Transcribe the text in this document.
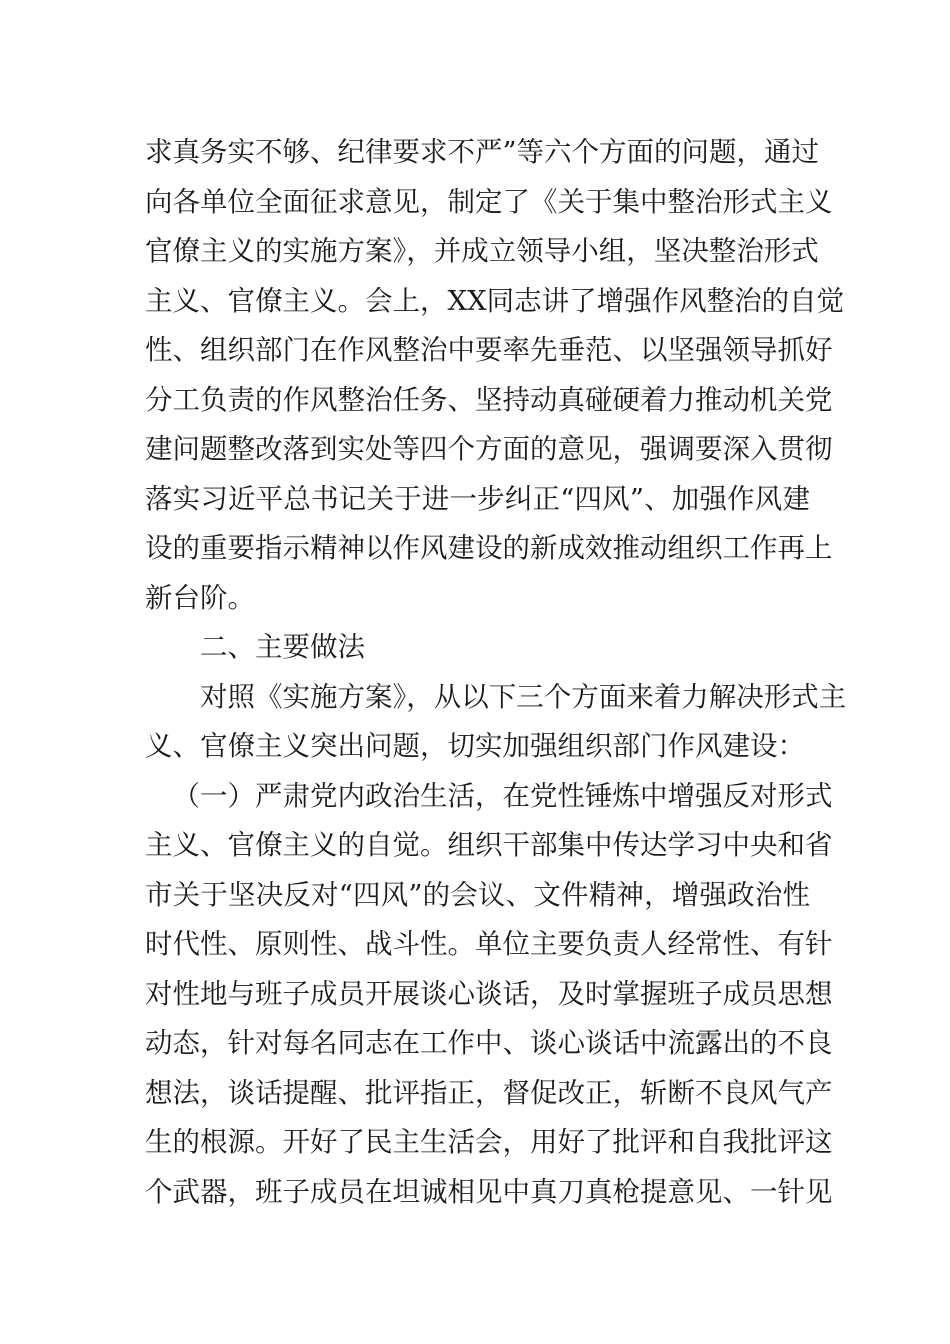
求真务实不够、纪律要求不严”等六个方面的问题，通过
向各单位全面征求意见，制定了《关于集中整治形式主义
官僚主义的实施方案》，并成立领导小组，坚决整治形式
主义、官僚主义。会上，XX同志讲了增强作风整治的自觉
性、组织部门在作风整治中要率先垂范、以坚强领导抓好
分工负责的作风整治任务、坚持动真碰硬着力推动机关党
建问题整改落到实处等四个方面的意见，强调要深入贯彻
落实习近平总书记关于进一步纠正“四风”、加强作风建
设的重要指示精神以作风建设的新成效推动组织工作再上
新台阶。
二、主要做法
对照《实施方案》，从以下三个方面来着力解决形式主
义、官僚主义突出问题，切实加强组织部门作风建设：
（一）严肃党内政治生活，在党性锤炼中增强反对形式
主义、官僚主义的自觉。组织干部集中传达学习中央和省
市关于坚决反对“四风”的会议、文件精神，增强政治性
时代性、原则性、战斗性。单位主要负责人经常性、有针
对性地与班子成员开展谈心谈话，及时掌握班子成员思想
动态，针对每名同志在工作中、谈心谈话中流露出的不良
想法，谈话提醒、批评指正，督促改正，斩断不良风气产
生的根源。开好了民主生活会，用好了批评和自我批评这
个武器，班子成员在坦诚相见中真刀真枪提意见、一针见
